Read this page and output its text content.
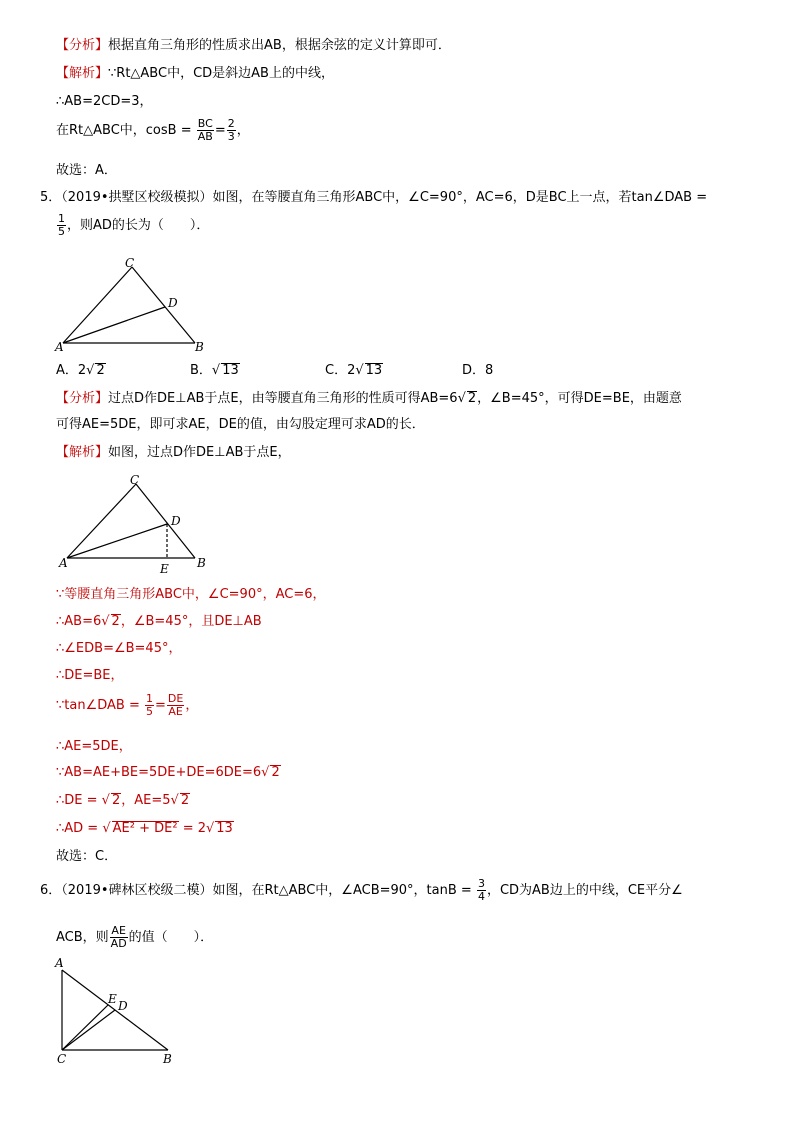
【分析】根据直角三角形的性质求出AB，根据余弦的定义计算即可．
【解析】∵Rt△ABC中，CD是斜边AB上的中线，
∴AB=2CD=3，
在Rt△ABC中，$\cos B = \frac{BC}{AB} = \frac{2}{3}$ ，
故选：A．
5．（2019•拱墅区校级模拟）如图，在等腰直角三角形ABC中，∠C=90°，AC=6，D是BC上一点，若tan∠DAB =
$\frac{1}{5}$ ，则AD的长为（　　）．
C
D
A	B
A．2√ 2	B．√ 13	C．2√ 13	D．8
【分析】过点D作DE⊥AB于点E，由等腰直角三角形的性质可得AB=6√ 2，∠B=45°，可得DE=BE，由题意
可得AE=5DE，即可求AE，DE的值，由勾股定理可求AD的长．
【解析】如图，过点D作DE⊥AB于点E，
C
D
A	B
E
∵等腰直角三角形ABC中，∠C=90°，AC=6，
∴AB=6√ 2，∠B=45°，且DE⊥AB
∴∠EDB=∠B=45°，
∴DE=BE，
∵tan∠DAB = $\frac{1}{5} = \frac{DE}{AE}$ ，
∴AE=5DE，
∵AB=AE+BE=5DE+DE=6DE=6√ 2
∴DE = √ 2，AE=5√ 2
∴AD = √ AE² + DE² = 2√ 13
故选：C．
6．（2019•碑林区校级二模）如图，在Rt△ABC中，∠ACB=90°，$\tan B = \frac{3}{4}$ ，CD为AB边上的中线，CE平分∠
ACB，则 $\frac{AE}{AD}$ 的值（　　）．
A
E D
C	B
